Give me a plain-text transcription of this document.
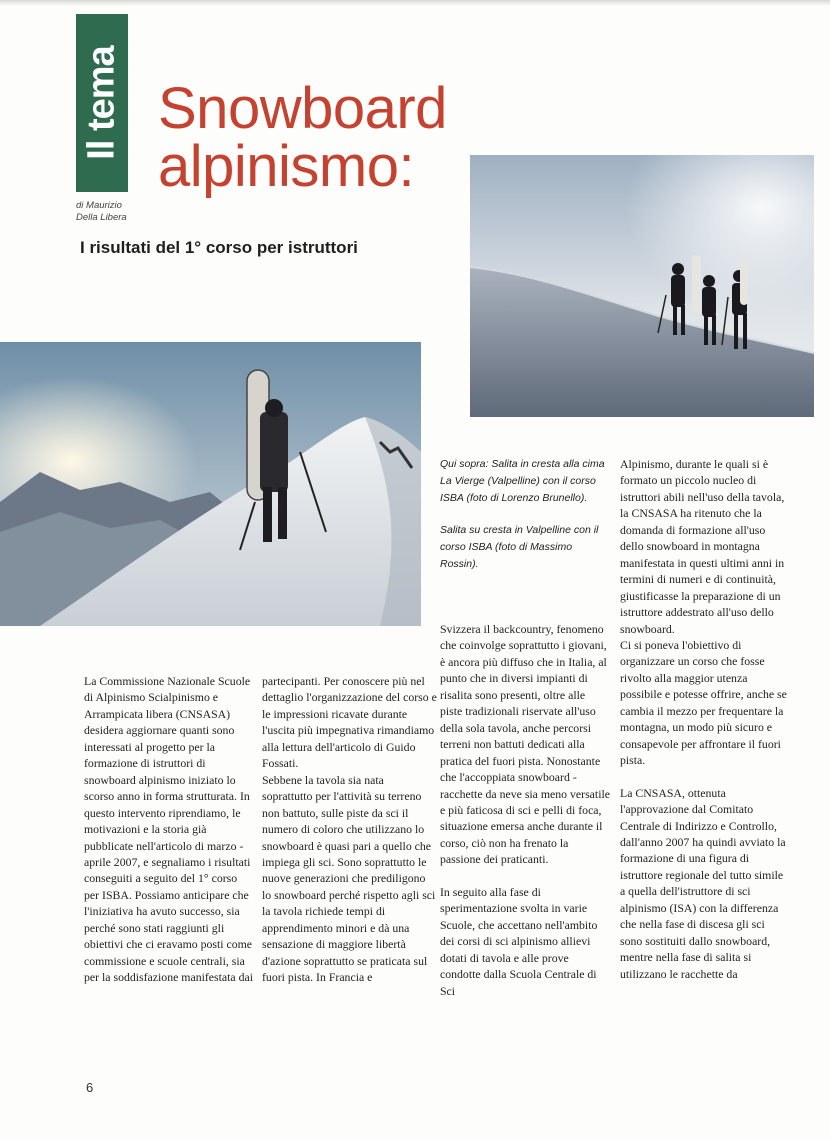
Il tema
di Maurizio
Della Libera
Snowboard
alpinismo:
I risultati del 1° corso per istruttori

Qui sopra: Salita in cresta alla cima La Vierge (Valpelline) con il corso ISBA (foto di Lorenzo Brunello).

Salita su cresta in Valpelline con il corso ISBA (foto di Massimo Rossin).

La Commissione Nazionale Scuole di Alpinismo Scialpinismo e Arrampicata libera (CNSASA) desidera aggiornare quanti sono interessati al progetto per la formazione di istruttori di snowboard alpinismo iniziato lo scorso anno in forma strutturata. In questo intervento riprendiamo, le motivazioni e la storia già pubblicate nell'articolo di marzo - aprile 2007, e segnaliamo i risultati conseguiti a seguito del 1° corso per ISBA. Possiamo anticipare che l'iniziativa ha avuto successo, sia perché sono stati raggiunti gli obiettivi che ci eravamo posti come commissione e scuole centrali, sia per la soddisfazione manifestata dai

partecipanti. Per conoscere più nel dettaglio l'organizzazione del corso e le impressioni ricavate durante l'uscita più impegnativa rimandiamo alla lettura dell'articolo di Guido Fossati.

Sebbene la tavola sia nata soprattutto per l'attività su terreno non battuto, sulle piste da sci il numero di coloro che utilizzano lo snowboard è quasi pari a quello che impiega gli sci. Sono soprattutto le nuove generazioni che prediligono lo snowboard perché rispetto agli sci la tavola richiede tempi di apprendimento minori e dà una sensazione di maggiore libertà d'azione soprattutto se praticata sul fuori pista. In Francia e

Svizzera il backcountry, fenomeno che coinvolge soprattutto i giovani, è ancora più diffuso che in Italia, al punto che in diversi impianti di risalita sono presenti, oltre alle piste tradizionali riservate all'uso della sola tavola, anche percorsi terreni non battuti dedicati alla pratica del fuori pista. Nonostante che l'accoppiata snowboard - racchette da neve sia meno versatile e più faticosa di sci e pelli di foca, situazione emersa anche durante il corso, ciò non ha frenato la passione dei praticanti.

In seguito alla fase di sperimentazione svolta in varie Scuole, che accettano nell'ambito dei corsi di sci alpinismo allievi dotati di tavola e alle prove condotte dalla Scuola Centrale di Sci

Alpinismo, durante le quali si è formato un piccolo nucleo di istruttori abili nell'uso della tavola, la CNSASA ha ritenuto che la domanda di formazione all'uso dello snowboard in montagna manifestata in questi ultimi anni in termini di numeri e di continuità, giustificasse la preparazione di un istruttore addestrato all'uso dello snowboard.

Ci si poneva l'obiettivo di organizzare un corso che fosse rivolto alla maggior utenza possibile e potesse offrire, anche se cambia il mezzo per frequentare la montagna, un modo più sicuro e consapevole per affrontare il fuori pista.

La CNSASA, ottenuta l'approvazione dal Comitato Centrale di Indirizzo e Controllo, dall'anno 2007 ha quindi avviato la formazione di una figura di istruttore regionale del tutto simile a quella dell'istruttore di sci alpinismo (ISA) con la differenza che nella fase di discesa gli sci sono sostituiti dallo snowboard, mentre nella fase di salita si utilizzano le racchette da

6
